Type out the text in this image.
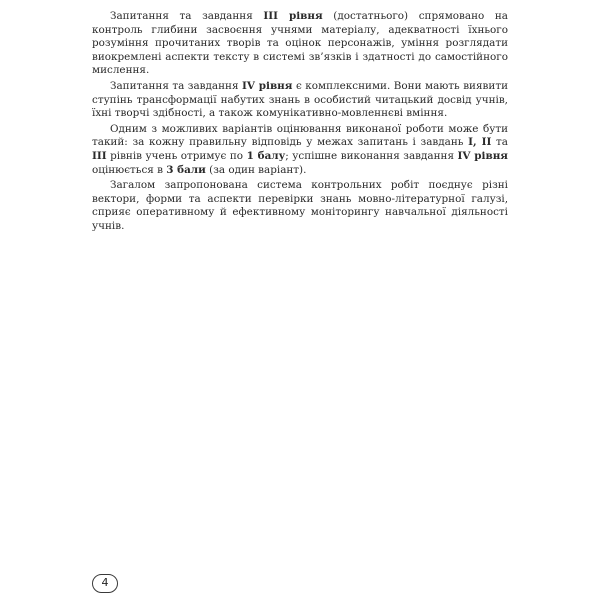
Запитання та завдання III рівня (достатнього) спрямовано на контроль глибини засвоєння учнями матеріалу, адекватності їхнього розуміння прочитаних творів та оцінок персонажів, уміння розглядати виокремлені аспекти тексту в системі зв’язків і здатності до самостійного мислення.

Запитання та завдання IV рівня є комплексними. Вони мають виявити ступінь трансформації набутих знань в особистий читацький досвід учнів, їхні творчі здібності, а також комунікативно-мовленнєві вміння.

Одним з можливих варіантів оцінювання виконаної роботи може бути такий: за кожну правильну відповідь у межах запитань і завдань I, II та III рівнів учень отримує по 1 балу; успішне виконання завдання IV рівня оцінюється в 3 бали (за один варіант).

Загалом запропонована система контрольних робіт поєднує різні вектори, форми та аспекти перевірки знань мовно-літературної галузі, сприяє оперативному й ефективному моніторингу навчальної діяльності учнів.

4
